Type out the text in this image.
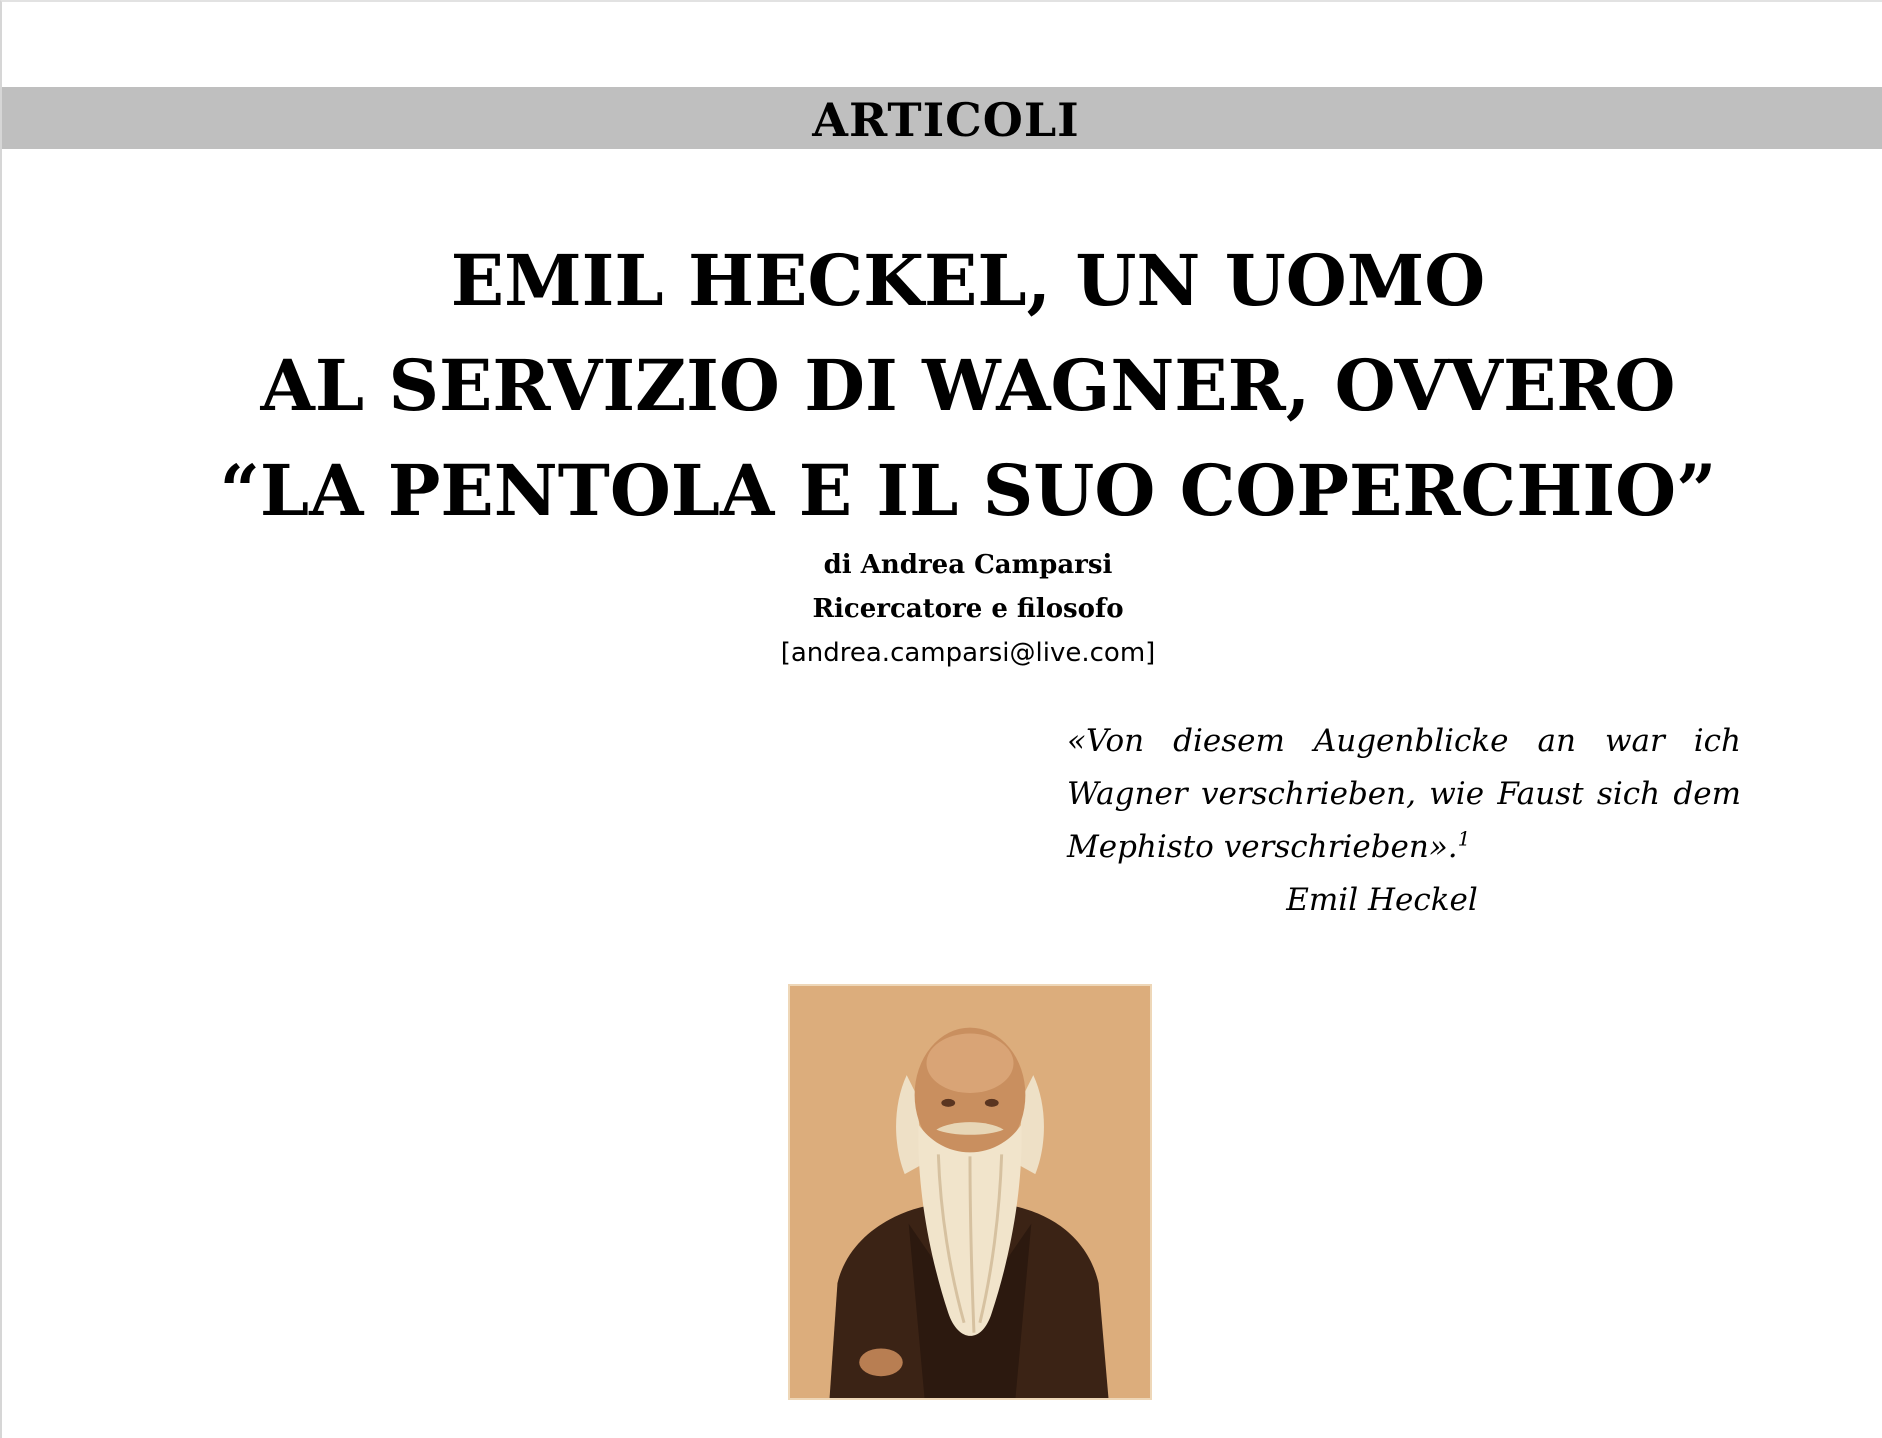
ARTICOLI
EMIL HECKEL, UN UOMO
AL SERVIZIO DI WAGNER, OVVERO
“LA PENTOLA E IL SUO COPERCHIO”
di Andrea Camparsi
Ricercatore e filosofo
[andrea.camparsi@live.com]
«Von diesem Augenblicke an war ich Wagner verschrieben, wie Faust sich dem Mephisto verschrieben».$^1$
Emil Heckel
